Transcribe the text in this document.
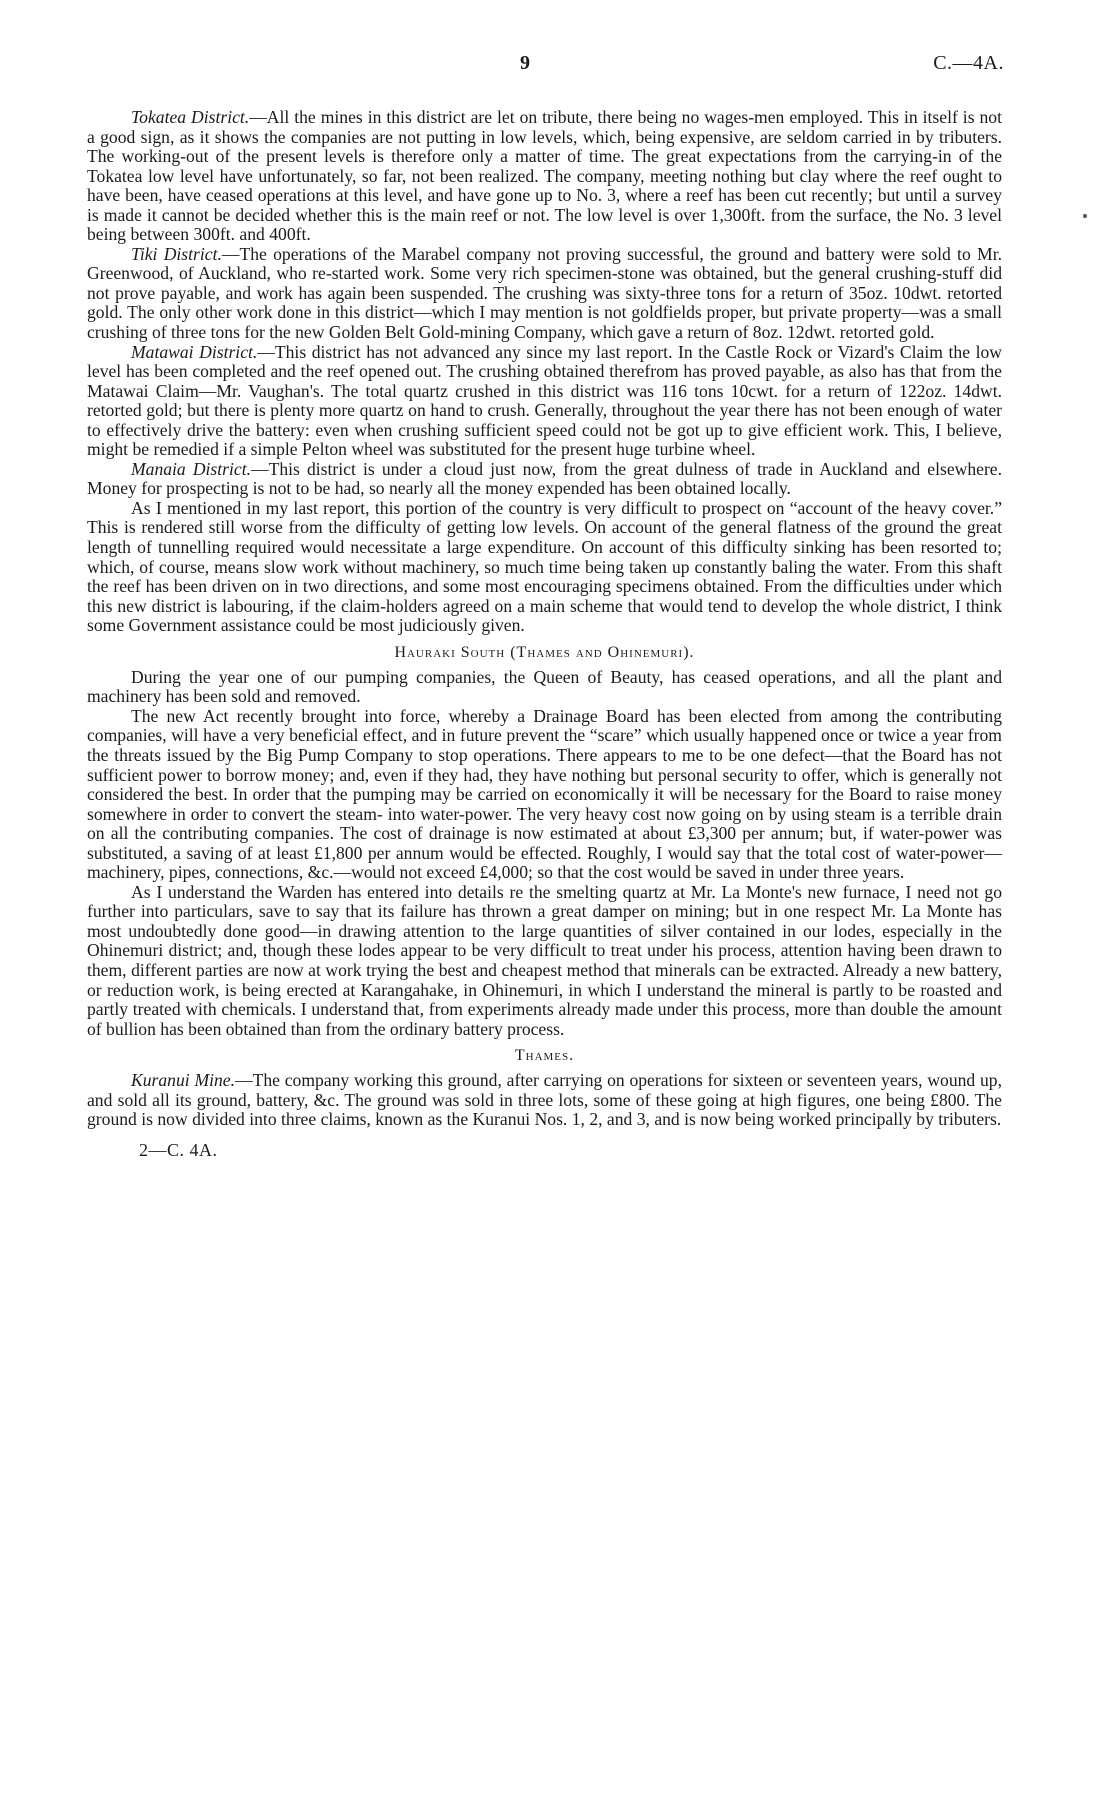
9	C.—4A.

Tokatea District.—All the mines in this district are let on tribute, there being no wages-men employed. This in itself is not a good sign, as it shows the companies are not putting in low levels, which, being expensive, are seldom carried in by tributers. The working-out of the present levels is therefore only a matter of time. The great expectations from the carrying-in of the Tokatea low level have unfortunately, so far, not been realized. The company, meeting nothing but clay where the reef ought to have been, have ceased operations at this level, and have gone up to No. 3, where a reef has been cut recently; but until a survey is made it cannot be decided whether this is the main reef or not. The low level is over 1,300ft. from the surface, the No. 3 level being between 300ft. and 400ft.

Tiki District.—The operations of the Marabel company not proving successful, the ground and battery were sold to Mr. Greenwood, of Auckland, who re-started work. Some very rich specimen-stone was obtained, but the general crushing-stuff did not prove payable, and work has again been suspended. The crushing was sixty-three tons for a return of 35oz. 10dwt. retorted gold. The only other work done in this district—which I may mention is not goldfields proper, but private property—was a small crushing of three tons for the new Golden Belt Gold-mining Company, which gave a return of 8oz. 12dwt. retorted gold.

Matawai District.—This district has not advanced any since my last report. In the Castle Rock or Vizard's Claim the low level has been completed and the reef opened out. The crushing obtained therefrom has proved payable, as also has that from the Matawai Claim—Mr. Vaughan's. The total quartz crushed in this district was 116 tons 10cwt. for a return of 122oz. 14dwt. retorted gold; but there is plenty more quartz on hand to crush. Generally, throughout the year there has not been enough of water to effectively drive the battery: even when crushing sufficient speed could not be got up to give efficient work. This, I believe, might be remedied if a simple Pelton wheel was substituted for the present huge turbine wheel.

Manaia District.—This district is under a cloud just now, from the great dulness of trade in Auckland and elsewhere. Money for prospecting is not to be had, so nearly all the money expended has been obtained locally.

As I mentioned in my last report, this portion of the country is very difficult to prospect on “account of the heavy cover.” This is rendered still worse from the difficulty of getting low levels. On account of the general flatness of the ground the great length of tunnelling required would necessitate a large expenditure. On account of this difficulty sinking has been resorted to; which, of course, means slow work without machinery, so much time being taken up constantly baling the water. From this shaft the reef has been driven on in two directions, and some most encouraging specimens obtained. From the difficulties under which this new district is labouring, if the claim-holders agreed on a main scheme that would tend to develop the whole district, I think some Government assistance could be most judiciously given.

Hauraki South (Thames and Ohinemuri).

During the year one of our pumping companies, the Queen of Beauty, has ceased operations, and all the plant and machinery has been sold and removed.

The new Act recently brought into force, whereby a Drainage Board has been elected from among the contributing companies, will have a very beneficial effect, and in future prevent the “scare” which usually happened once or twice a year from the threats issued by the Big Pump Company to stop operations. There appears to me to be one defect—that the Board has not sufficient power to borrow money; and, even if they had, they have nothing but personal security to offer, which is generally not considered the best. In order that the pumping may be carried on economically it will be necessary for the Board to raise money somewhere in order to convert the steam- into water-power. The very heavy cost now going on by using steam is a terrible drain on all the contributing companies. The cost of drainage is now estimated at about £3,300 per annum; but, if water-power was substituted, a saving of at least £1,800 per annum would be effected. Roughly, I would say that the total cost of water-power—machinery, pipes, connections, &c.—would not exceed £4,000; so that the cost would be saved in under three years.

As I understand the Warden has entered into details re the smelting quartz at Mr. La Monte's new furnace, I need not go further into particulars, save to say that its failure has thrown a great damper on mining; but in one respect Mr. La Monte has most undoubtedly done good—in drawing attention to the large quantities of silver contained in our lodes, especially in the Ohinemuri district; and, though these lodes appear to be very difficult to treat under his process, attention having been drawn to them, different parties are now at work trying the best and cheapest method that minerals can be extracted. Already a new battery, or reduction work, is being erected at Karangahake, in Ohinemuri, in which I understand the mineral is partly to be roasted and partly treated with chemicals. I understand that, from experiments already made under this process, more than double the amount of bullion has been obtained than from the ordinary battery process.

Thames.

Kuranui Mine.—The company working this ground, after carrying on operations for sixteen or seventeen years, wound up, and sold all its ground, battery, &c. The ground was sold in three lots, some of these going at high figures, one being £800. The ground is now divided into three claims, known as the Kuranui Nos. 1, 2, and 3, and is now being worked principally by tributers.

2—C. 4A.
